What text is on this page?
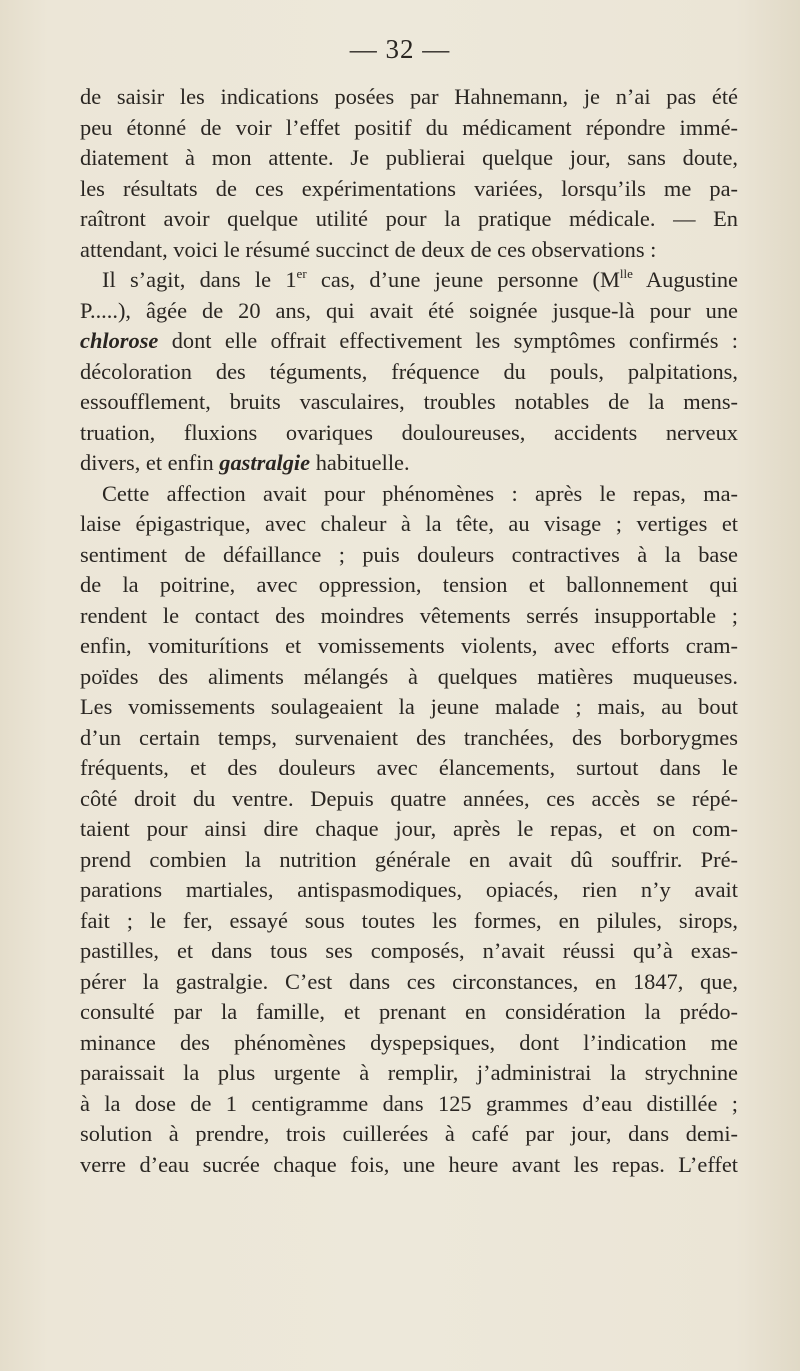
— 32 —
de saisir les indications posées par Hahnemann, je n’ai pas été
peu étonné de voir l’effet positif du médicament répondre immé-
diatement à mon attente. Je publierai quelque jour, sans doute,
les résultats de ces expérimentations variées, lorsqu’ils me pa-
raîtront avoir quelque utilité pour la pratique médicale. — En
attendant, voici le résumé succinct de deux de ces observations :
Il s’agit, dans le 1er cas, d’une jeune personne ($M^{lle}$ Augustine
P.....), âgée de 20 ans, qui avait été soignée jusque-là pour une
chlorose dont elle offrait effectivement les symptômes confirmés :
décoloration des téguments, fréquence du pouls, palpitations,
essoufflement, bruits vasculaires, troubles notables de la mens-
truation, fluxions ovariques douloureuses, accidents nerveux
divers, et enfin gastralgie habituelle.
Cette affection avait pour phénomènes : après le repas, ma-
laise épigastrique, avec chaleur à la tête, au visage ; vertiges et
sentiment de défaillance ; puis douleurs contractives à la base
de la poitrine, avec oppression, tension et ballonnement qui
rendent le contact des moindres vêtements serrés insupportable ;
enfin, vomiturítions et vomissements violents, avec efforts cram-
poïdes des aliments mélangés à quelques matières muqueuses.
Les vomissements soulageaient la jeune malade ; mais, au bout
d’un certain temps, survenaient des tranchées, des borborygmes
fréquents, et des douleurs avec élancements, surtout dans le
côté droit du ventre. Depuis quatre années, ces accès se répé-
taient pour ainsi dire chaque jour, après le repas, et on com-
prend combien la nutrition générale en avait dû souffrir. Pré-
parations martiales, antispasmodiques, opiacés, rien n’y avait
fait ; le fer, essayé sous toutes les formes, en pilules, sirops,
pastilles, et dans tous ses composés, n’avait réussi qu’à exas-
pérer la gastralgie. C’est dans ces circonstances, en 1847, que,
consulté par la famille, et prenant en considération la prédo-
minance des phénomènes dyspepsiques, dont l’indication me
paraissait la plus urgente à remplir, j’administrai la strychnine
à la dose de 1 centigramme dans 125 grammes d’eau distillée ;
solution à prendre, trois cuillerées à café par jour, dans demi-
verre d’eau sucrée chaque fois, une heure avant les repas. L’effet
